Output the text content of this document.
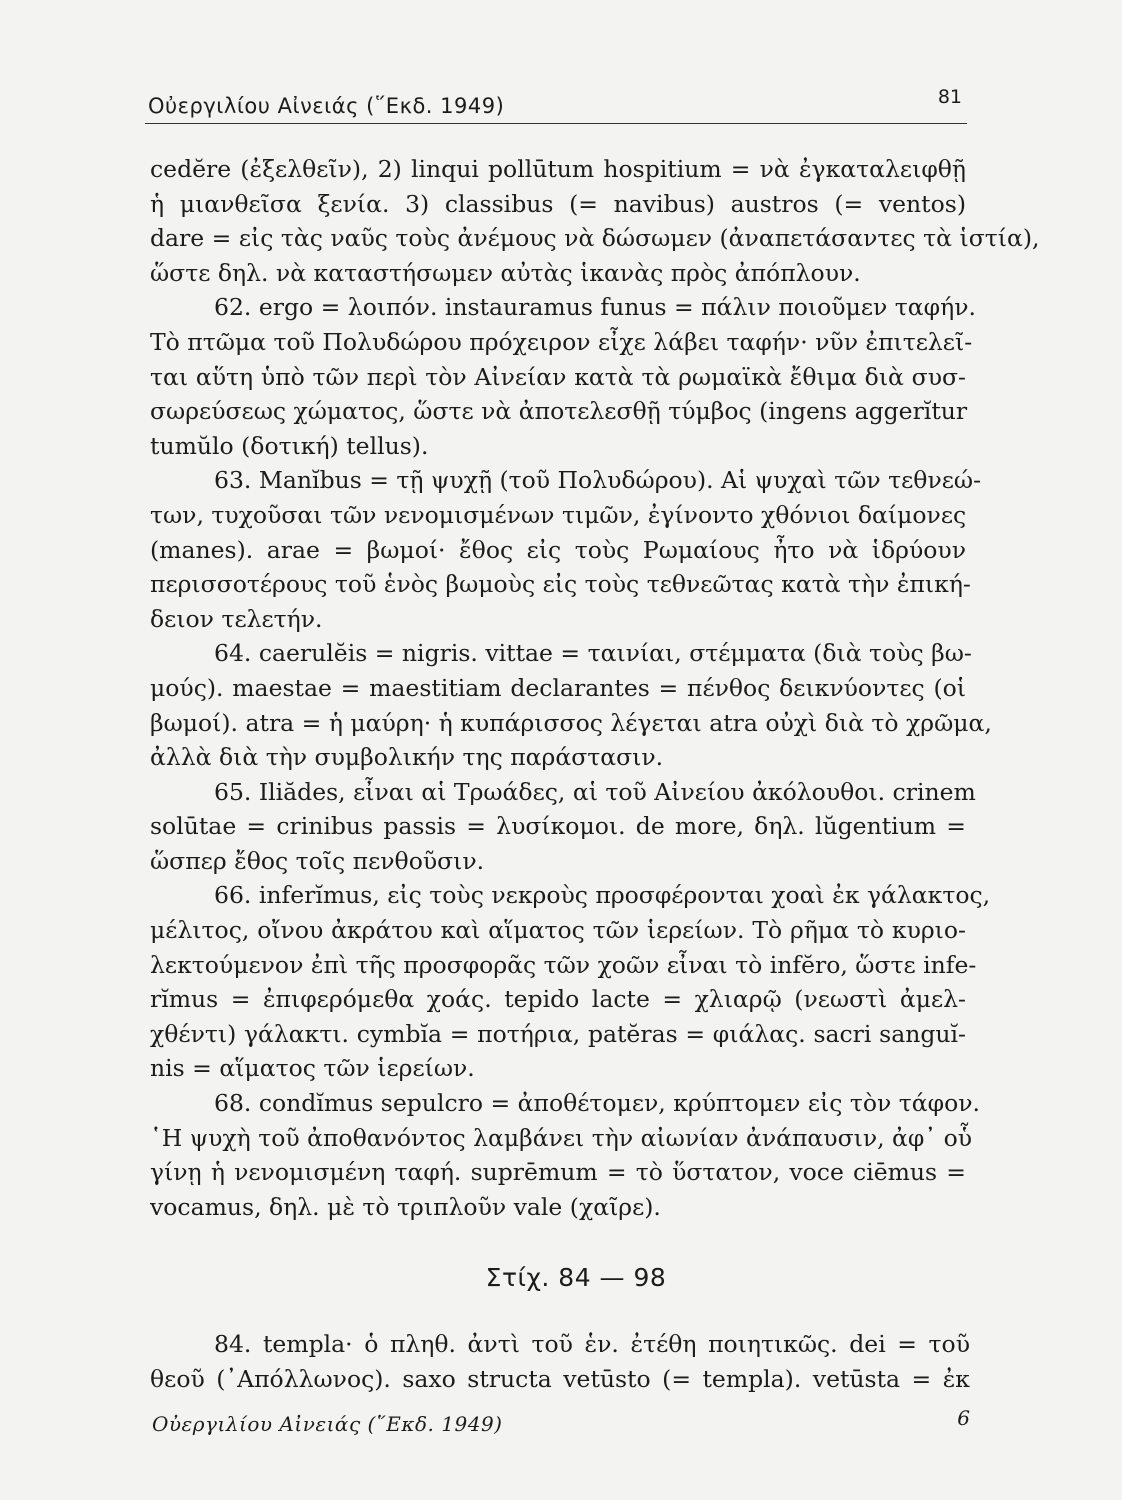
Οὐεργιλίου Αἰνειάς (῞Εκδ. 1949)	81
cedĕre (ἐξελθεῖν), 2) linqui pollūtum hospitium = νὰ ἐγκαταλειφθῇ
ἡ μιανθεῖσα ξενία. 3) classibus (= navibus) austros (= ventos)
dare = εἰς τὰς ναῦς τοὺς ἀνέμους νὰ δώσωμεν (ἀναπετάσαντες τὰ ἱστία),
ὥστε δηλ. νὰ καταστήσωμεν αὐτὰς ἱκανὰς πρὸς ἀπόπλουν.
62. ergo = λοιπόν. instauramus funus = πάλιν ποιοῦμεν ταφήν.
Τὸ πτῶμα τοῦ Πολυδώρου πρόχειρον εἶχε λάβει ταφήν· νῦν ἐπιτελεῖ-
ται αὕτη ὑπὸ τῶν περὶ τὸν Αἰνείαν κατὰ τὰ ρωμαϊκὰ ἔθιμα διὰ συσ-
σωρεύσεως χώματος, ὥστε νὰ ἀποτελεσθῇ τύμβος (ingens aggerĭtur
tumŭlo (δοτική) tellus).
63. Manĭbus = τῇ ψυχῇ (τοῦ Πολυδώρου). Αἱ ψυχαὶ τῶν τεθνεώ-
των, τυχοῦσαι τῶν νενομισμένων τιμῶν, ἐγίνοντο χθόνιοι δαίμονες
(manes). arae = βωμοί· ἔθος εἰς τοὺς Ρωμαίους ἦτο νὰ ἱδρύουν
περισσοτέρους τοῦ ἑνὸς βωμοὺς εἰς τοὺς τεθνεῶτας κατὰ τὴν ἐπική-
δειον τελετήν.
64. caerulĕis = nigris. vittae = ταινίαι, στέμματα (διὰ τοὺς βω-
μούς). maestae = maestitiam declarantes = πένθος δεικνύοντες (οἱ
βωμοί). atra = ἡ μαύρη· ἡ κυπάρισσος λέγεται atra οὐχὶ διὰ τὸ χρῶμα,
ἀλλὰ διὰ τὴν συμβολικήν της παράστασιν.
65. Iliădes, εἶναι αἱ Τρωάδες, αἱ τοῦ Αἰνείου ἀκόλουθοι. crinem
solūtae = crinibus passis = λυσίκομοι. de more, δηλ. lŭgentium =
ὥσπερ ἔθος τοῖς πενθοῦσιν.
66. inferĭmus, εἰς τοὺς νεκροὺς προσφέρονται χοαὶ ἐκ γάλακτος,
μέλιτος, οἴνου ἀκράτου καὶ αἵματος τῶν ἱερείων. Τὸ ρῆμα τὸ κυριο-
λεκτούμενον ἐπὶ τῆς προσφορᾶς τῶν χοῶν εἶναι τὸ infĕro, ὥστε infe-
rĭmus = ἐπιφερόμεθα χοάς. tepido lacte = χλιαρῷ (νεωστὶ ἀμελ-
χθέντι) γάλακτι. cymbĭa = ποτήρια, patĕras = φιάλας. sacri sanguĭ-
nis = αἵματος τῶν ἱερείων.
68. condĭmus sepulcro = ἀποθέτομεν, κρύπτομεν εἰς τὸν τάφον.
῾Η ψυχὴ τοῦ ἀποθανόντος λαμβάνει τὴν αἰωνίαν ἀνάπαυσιν, ἀφ᾿ οὗ
γίνῃ ἡ νενομισμένη ταφή. suprēmum = τὸ ὕστατον, voce ciēmus =
vocamus, δηλ. μὲ τὸ τριπλοῦν vale (χαῖρε).
Στίχ. 84 — 98
84. templa· ὁ πληθ. ἀντὶ τοῦ ἑν. ἐτέθη ποιητικῶς. dei = τοῦ
θεοῦ (᾿Απόλλωνος). saxo structa vetūsto (= templa). vetūsta = ἐκ
Οὐεργιλίου Αἰνειάς (῞Εκδ. 1949)	6
